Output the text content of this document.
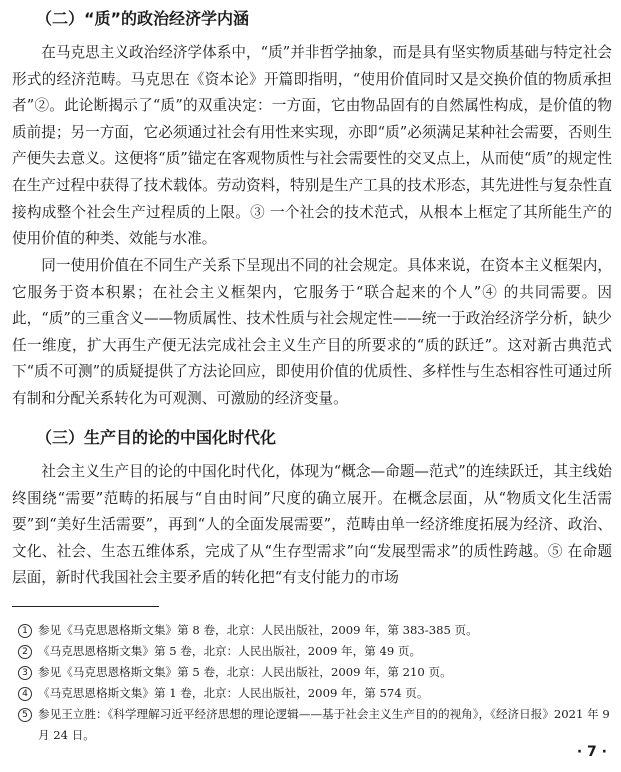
（二）“质”的政治经济学内涵

在马克思主义政治经济学体系中，“质”并非哲学抽象，而是具有坚实物质基础与特定社会形式的经济范畴。马克思在《资本论》开篇即指明，“使用价值同时又是交换价值的物质承担者”②。此论断揭示了“质”的双重决定：一方面，它由物品固有的自然属性构成，是价值的物质前提；另一方面，它必须通过社会有用性来实现，亦即“质”必须满足某种社会需要，否则生产便失去意义。这便将“质”锚定在客观物质性与社会需要性的交叉点上，从而使“质”的规定性在生产过程中获得了技术载体。劳动资料，特别是生产工具的技术形态，其先进性与复杂性直接构成整个社会生产过程质的上限。③ 一个社会的技术范式，从根本上框定了其所能生产的使用价值的种类、效能与水准。

同一使用价值在不同生产关系下呈现出不同的社会规定。具体来说，在资本主义框架内，它服务于资本积累；在社会主义框架内，它服务于“联合起来的个人”④ 的共同需要。因此，“质”的三重含义——物质属性、技术性质与社会规定性——统一于政治经济学分析，缺少任一维度，扩大再生产便无法完成社会主义生产目的所要求的“质的跃迁”。这对新古典范式下“质不可测”的质疑提供了方法论回应，即使用价值的优质性、多样性与生态相容性可通过所有制和分配关系转化为可观测、可激励的经济变量。

（三）生产目的论的中国化时代化

社会主义生产目的论的中国化时代化，体现为“概念—命题—范式”的连续跃迁，其主线始终围绕“需要”范畴的拓展与“自由时间”尺度的确立展开。在概念层面，从“物质文化生活需要”到“美好生活需要”，再到“人的全面发展需要”，范畴由单一经济维度拓展为经济、政治、文化、社会、生态五维体系，完成了从“生存型需求”向“发展型需求”的质性跨越。⑤ 在命题层面，新时代我国社会主要矛盾的转化把“有支付能力的市场

1 参见《马克思恩格斯文集》第 8 卷，北京：人民出版社，2009 年，第 383-385 页。
2 《马克思恩格斯文集》第 5 卷，北京：人民出版社，2009 年，第 49 页。
3 参见《马克思恩格斯文集》第 5 卷，北京：人民出版社，2009 年，第 210 页。
4 《马克思恩格斯文集》第 1 卷，北京：人民出版社，2009 年，第 574 页。
5 参见王立胜：《科学理解习近平经济思想的理论逻辑——基于社会主义生产目的的视角》，《经济日报》2021 年 9 月 24 日。
· 7 ·
